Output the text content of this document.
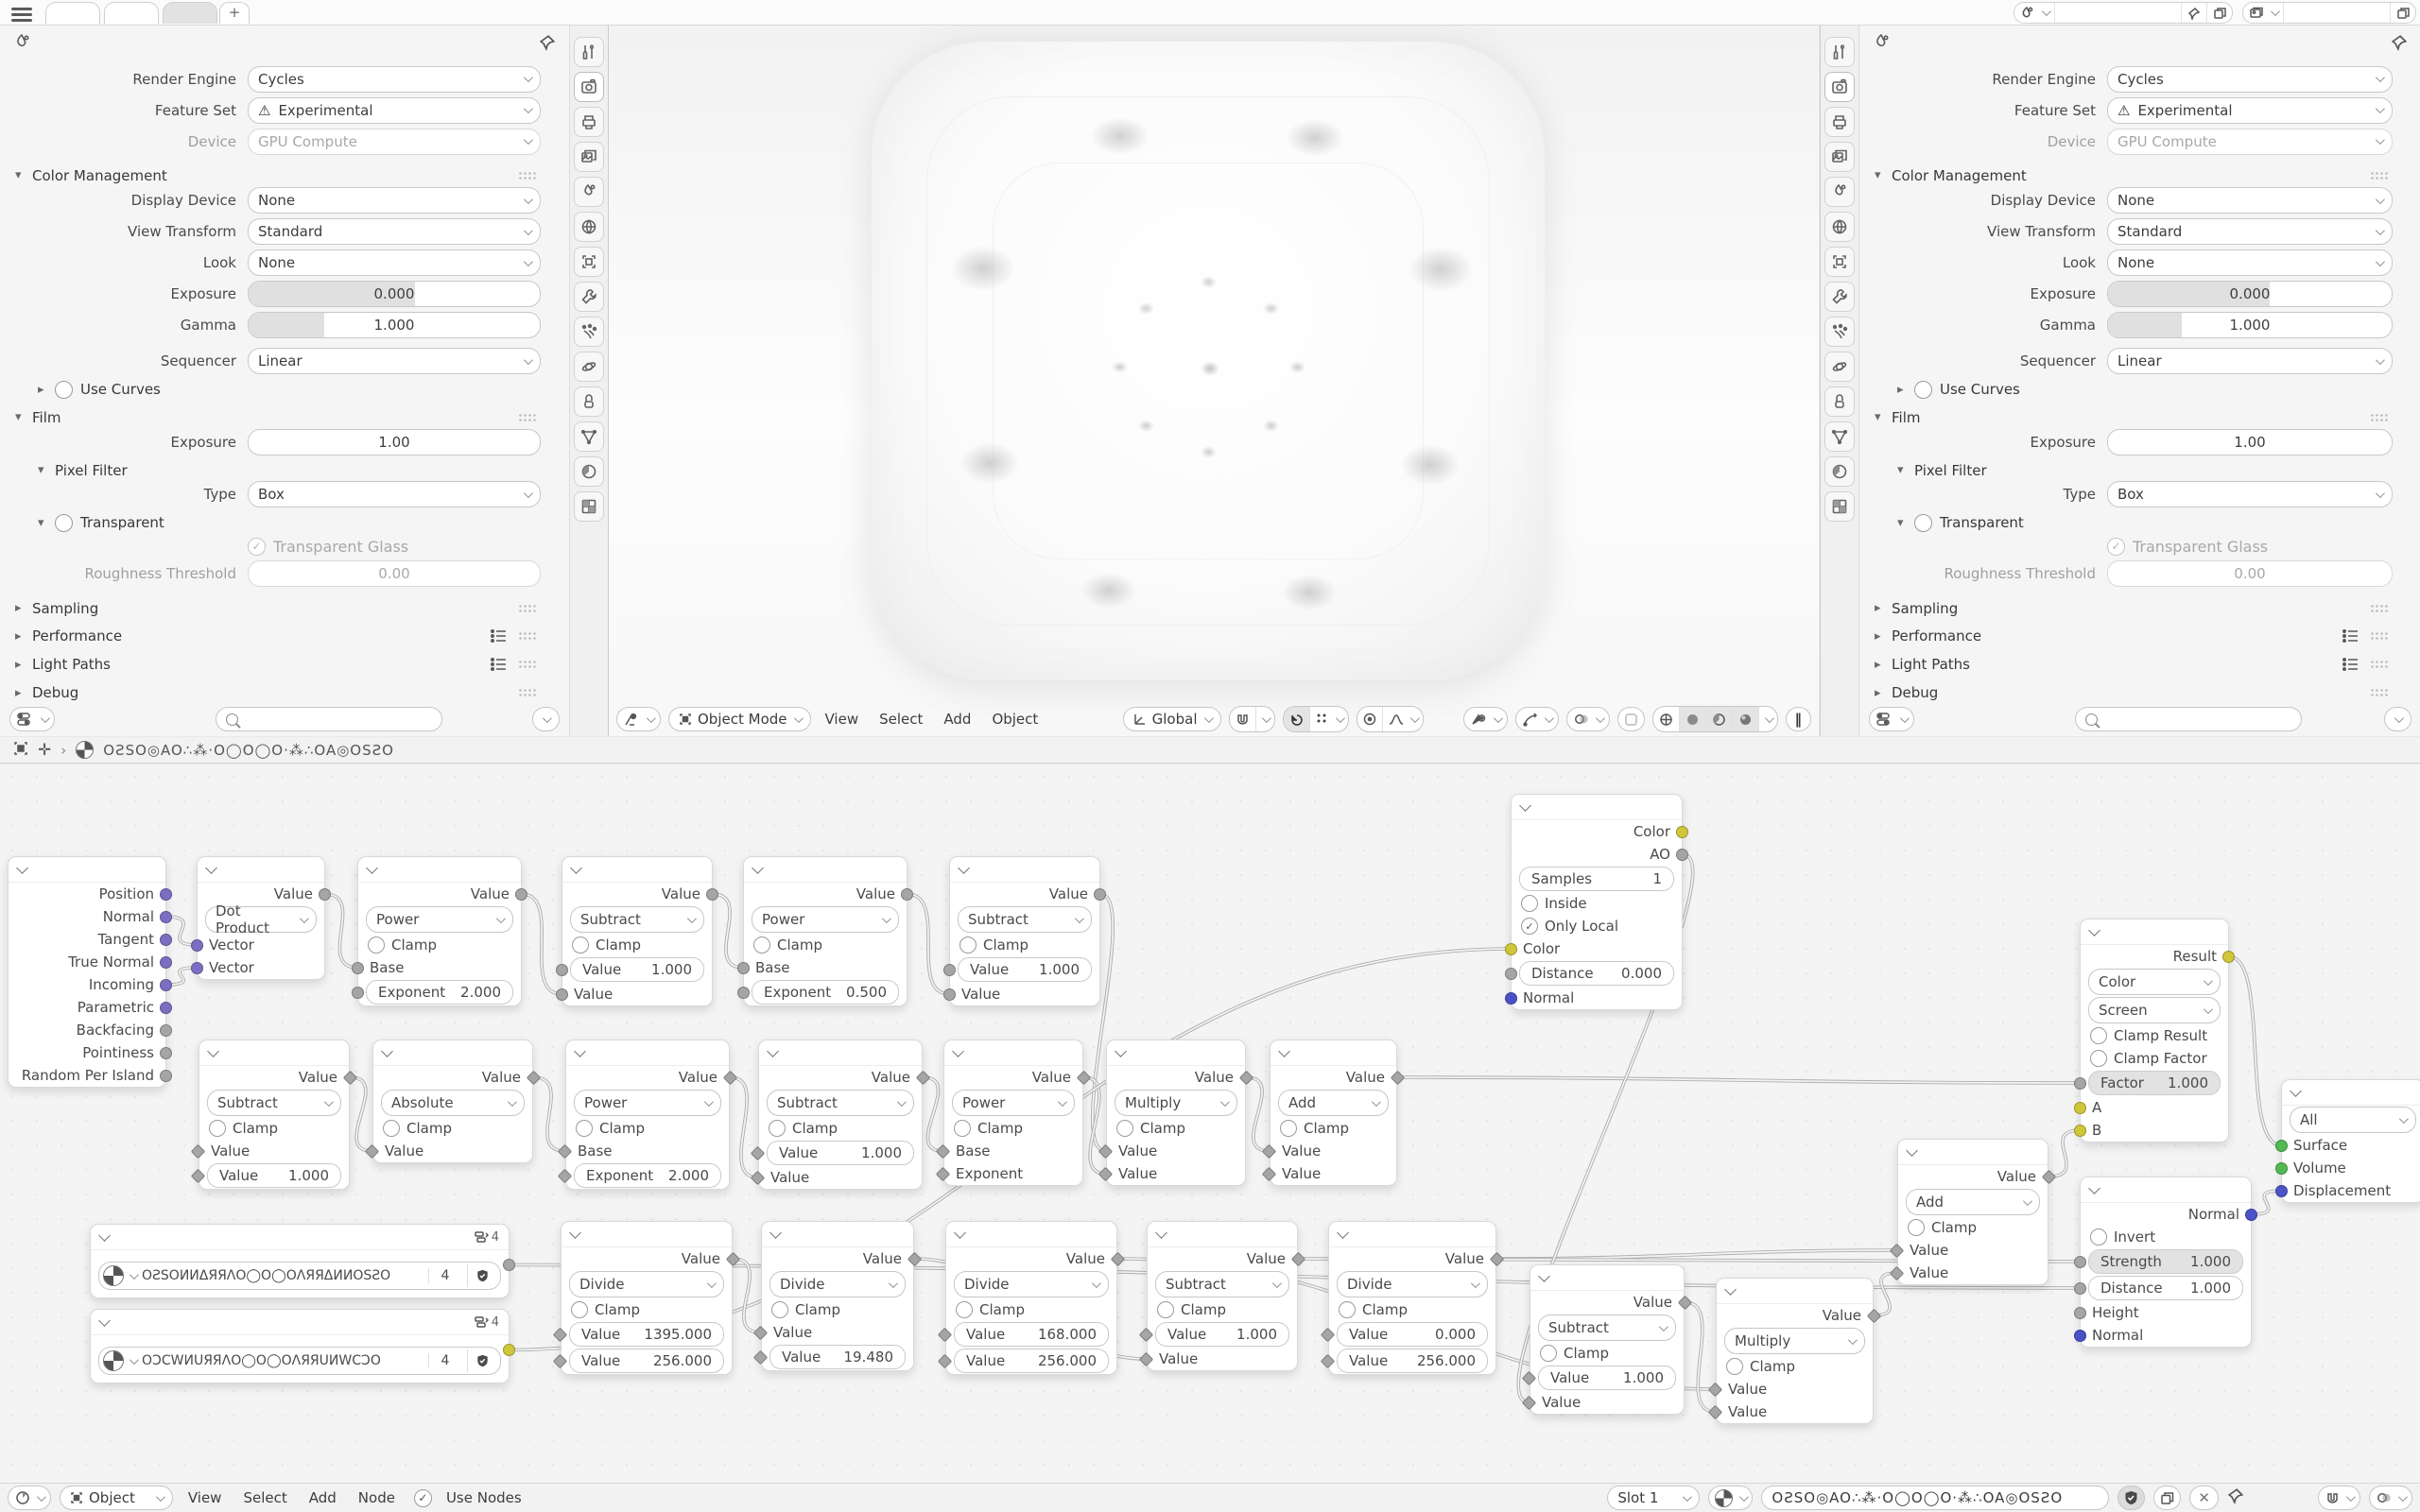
+
Render Engine	Cycles
Feature Set	⚠ Experimental
Device	GPU Compute
▾ Color Management
Display Device	None
View Transform	Standard
Look	None
Exposure	0.000
Gamma	1.000
Sequencer	Linear
▸	Use Curves
▾ Film
Exposure	1.00
▾ Pixel Filter
Type	Box
▾	Transparent
✓
Transparent Glass
Roughness Threshold	0.00
▸ Sampling
▸ Performance
▸ Light Paths
▸ Debug
Render Engine	Cycles
Feature Set	⚠ Experimental
Device	GPU Compute
▾ Color Management
Display Device	None
View Transform	Standard
Look	None
Exposure	0.000
Gamma	1.000
Sequencer	Linear
▸	Use Curves
▾ Film
Exposure	1.00
▾ Pixel Filter
Type	Box
▾	Transparent
✓
Transparent Glass
Roughness Threshold	0.00
▸ Sampling
▸ Performance
▸ Light Paths
▸ Debug
Object Mode	View	Select	Add	Object	Global	‖
✛ ›	OƧSO◎AO∴⁂·O◯O◯O·⁂∴OA◎OSƧO
Position
Normal
Tangent
True Normal
Incoming
Parametric
Backfacing
Pointiness
Random Per Island
Value
Dot Product
Vector
Vector
Value
Power
Clamp
Base
Exponent 2.000
Value
Subtract
Clamp
Value 1.000
Value
Value
Power
Clamp
Base
Exponent 0.500
Value
Subtract
Clamp
Value 1.000
Value
Value
Subtract
Clamp
Value
Value 1.000
Value
Absolute
Clamp
Value
Value
Power
Clamp
Base
Exponent 2.000
Value
Subtract
Clamp
Value	1.000
Value
Value
Power
Clamp
Base
Exponent
Value
Multiply
Clamp
Value
Value
Value
Add
Clamp
Value
Value
Color
AO
Samples	1
Inside
✓
Only Local
Color
Distance 0.000
Normal
Result
Color
Screen
Clamp Result
Clamp Factor
Factor 1.000
A
B
All
Surface
Volume
Displacement
Normal
Invert
Strength 1.000
Distance 1.000
Height
Normal
4
OƧSOИИΔЯЯΛO◯O◯OΛЯЯΔИИOSƧO	4
4
OƆCWИUЯЯΛO◯O◯OΛЯЯUИWCƆO	4
Value
Divide
Clamp
Value 1395.000
Value 256.000
Value
Divide
Clamp
Value
Value 19.480
Value
Divide
Clamp
Value 168.000
Value 256.000
Value
Subtract
Clamp
Value 1.000
Value
Value
Divide
Clamp
Value	0.000
Value 256.000
Value
Subtract
Clamp
Value 1.000
Value
Value
Multiply
Clamp
Value
Value
Value
Add
Clamp
Value
Value
Object	View	Select	Add	Node ✓	Use Nodes	Slot 1	OƧSO◎AO∴⁂·O◯O◯O·⁂∴OA◎OSƧO	✕
